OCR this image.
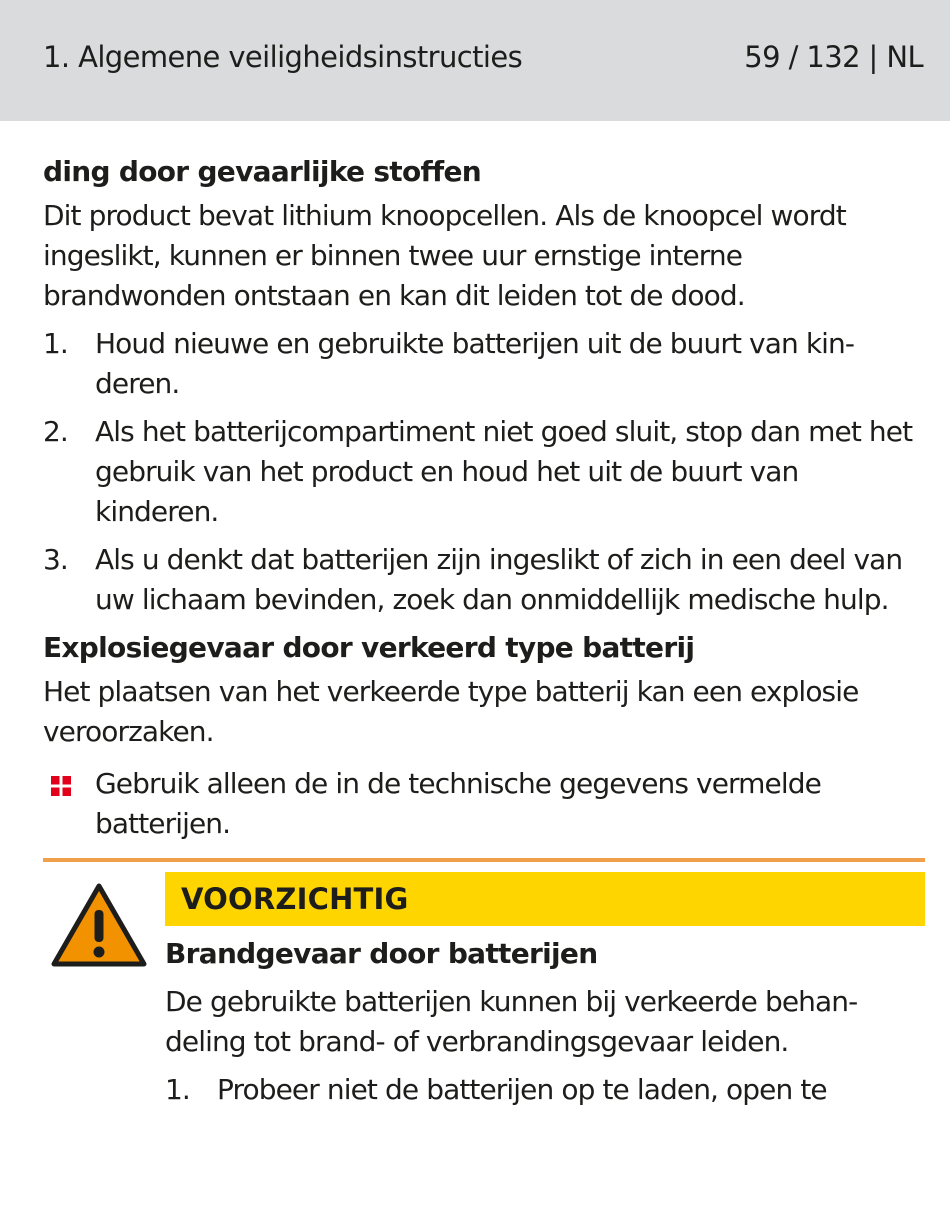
1. Algemene veiligheidsinstructies	59 / 132 | NL
ding door gevaarlijke stoffen
Dit product bevat lithium knoopcellen. Als de knoopcel wordt ingeslikt, kunnen er binnen twee uur ernstige interne brandwonden ontstaan en kan dit leiden tot de dood.
1. Houd nieuwe en gebruikte batterijen uit de buurt van kinderen.
2. Als het batterijcompartiment niet goed sluit, stop dan met het gebruik van het product en houd het uit de buurt van kinderen.
3. Als u denkt dat batterijen zijn ingeslikt of zich in een deel van uw lichaam bevinden, zoek dan onmiddellijk medische hulp.
Explosiegevaar door verkeerd type batterij
Het plaatsen van het verkeerde type batterij kan een explosie veroorzaken.
Gebruik alleen de in de technische gegevens vermelde batterijen.
VOORZICHTIG
Brandgevaar door batterijen
De gebruikte batterijen kunnen bij verkeerde behandeling tot brand- of verbrandingsgevaar leiden.
1. Probeer niet de batterijen op te laden, open te
